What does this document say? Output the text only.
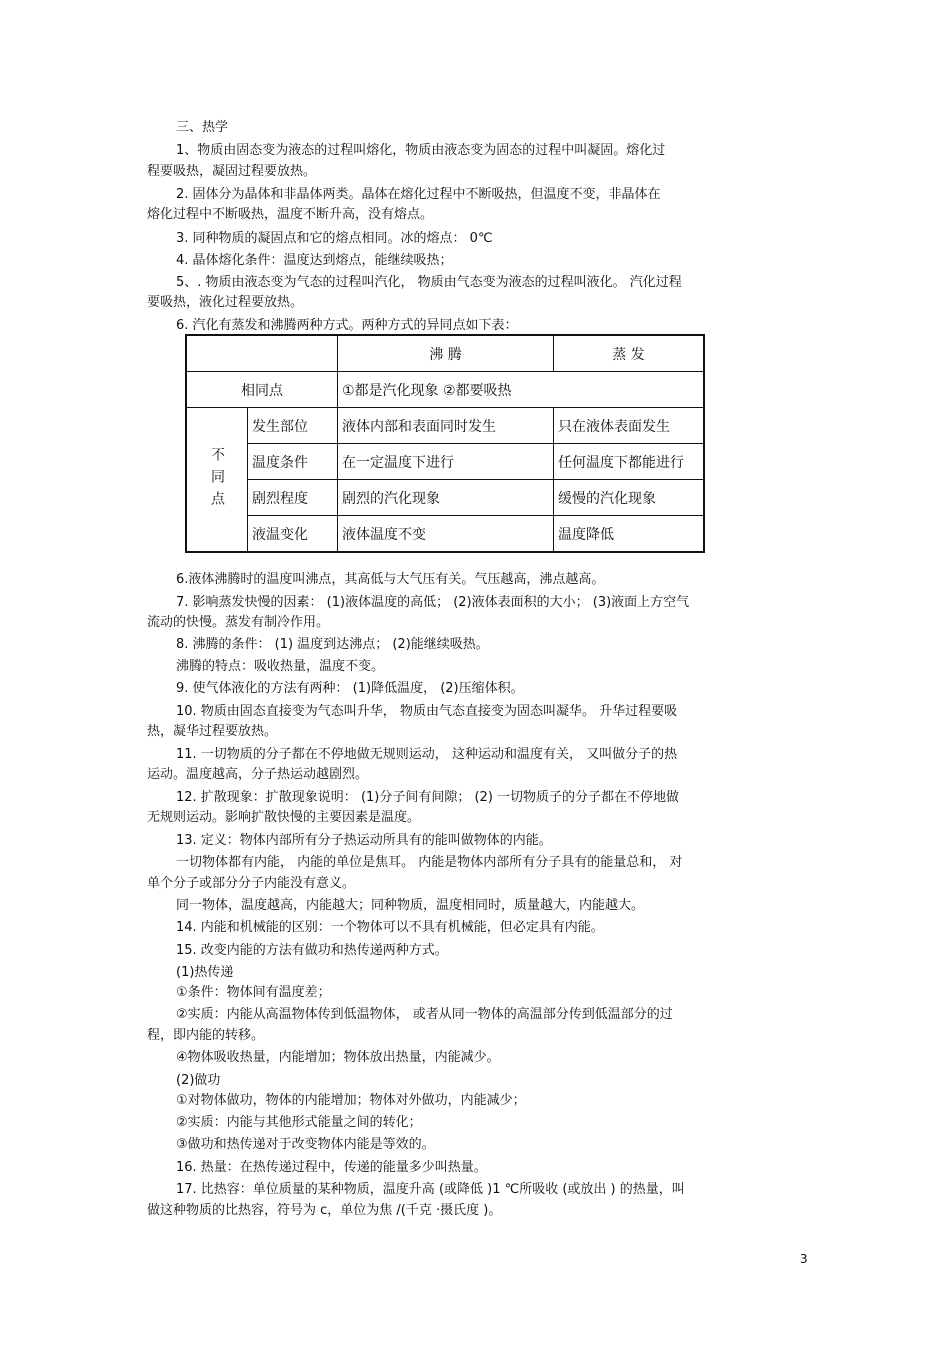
三、热学
1、物质由固态变为液态的过程叫熔化，物质由液态变为固态的过程中叫凝固。熔化过
程要吸热，凝固过程要放热。
2. 固体分为晶体和非晶体两类。晶体在熔化过程中不断吸热，但温度不变，非晶体在
熔化过程中不断吸热，温度不断升高，没有熔点。
3. 同种物质的凝固点和它的熔点相同。冰的熔点： 0℃
4. 晶体熔化条件：温度达到熔点，能继续吸热；
5、. 物质由液态变为气态的过程叫汽化， 物质由气态变为液态的过程叫液化。 汽化过程
要吸热，液化过程要放热。
6. 汽化有蒸发和沸腾两种方式。两种方式的异同点如下表：
6.液体沸腾时的温度叫沸点，其高低与大气压有关。气压越高，沸点越高。
7. 影响蒸发快慢的因素： (1)液体温度的高低； (2)液体表面积的大小； (3)液面上方空气
流动的快慢。蒸发有制冷作用。
8. 沸腾的条件： (1) 温度到达沸点； (2)能继续吸热。
沸腾的特点：吸收热量，温度不变。
9. 使气体液化的方法有两种： (1)降低温度， (2)压缩体积。
10. 物质由固态直接变为气态叫升华， 物质由气态直接变为固态叫凝华。 升华过程要吸
热，凝华过程要放热。
11. 一切物质的分子都在不停地做无规则运动， 这种运动和温度有关， 又叫做分子的热
运动。温度越高，分子热运动越剧烈。
12. 扩散现象：扩散现象说明： (1)分子间有间隙； (2) 一切物质子的分子都在不停地做
无规则运动。影响扩散快慢的主要因素是温度。
13. 定义：物体内部所有分子热运动所具有的能叫做物体的内能。
一切物体都有内能， 内能的单位是焦耳。 内能是物体内部所有分子具有的能量总和， 对
单个分子或部分分子内能没有意义。
同一物体，温度越高，内能越大；同种物质，温度相同时，质量越大，内能越大。
14. 内能和机械能的区别：一个物体可以不具有机械能，但必定具有内能。
15. 改变内能的方法有做功和热传递两种方式。
(1)热传递
①条件：物体间有温度差；
②实质：内能从高温物体传到低温物体， 或者从同一物体的高温部分传到低温部分的过
程，即内能的转移。
④物体吸收热量，内能增加；物体放出热量，内能减少。
(2)做功
①对物体做功，物体的内能增加；物体对外做功，内能减少；
②实质：内能与其他形式能量之间的转化；
③做功和热传递对于改变物体内能是等效的。
16. 热量：在热传递过程中，传递的能量多少叫热量。
17. 比热容：单位质量的某种物质，温度升高 (或降低 )1 ℃所吸收 (或放出 ) 的热量，叫
做这种物质的比热容，符号为 c，单位为焦 /(千克 ·摄氏度 )。
		沸 腾	蒸 发
相同点		①都是汽化现象 ②都要吸热	
不同点	发生部位	液体内部和表面同时发生	只在液体表面发生
	温度条件	在一定温度下进行	任何温度下都能进行
	剧烈程度	剧烈的汽化现象	缓慢的汽化现象
	液温变化	液体温度不变	温度降低
3
